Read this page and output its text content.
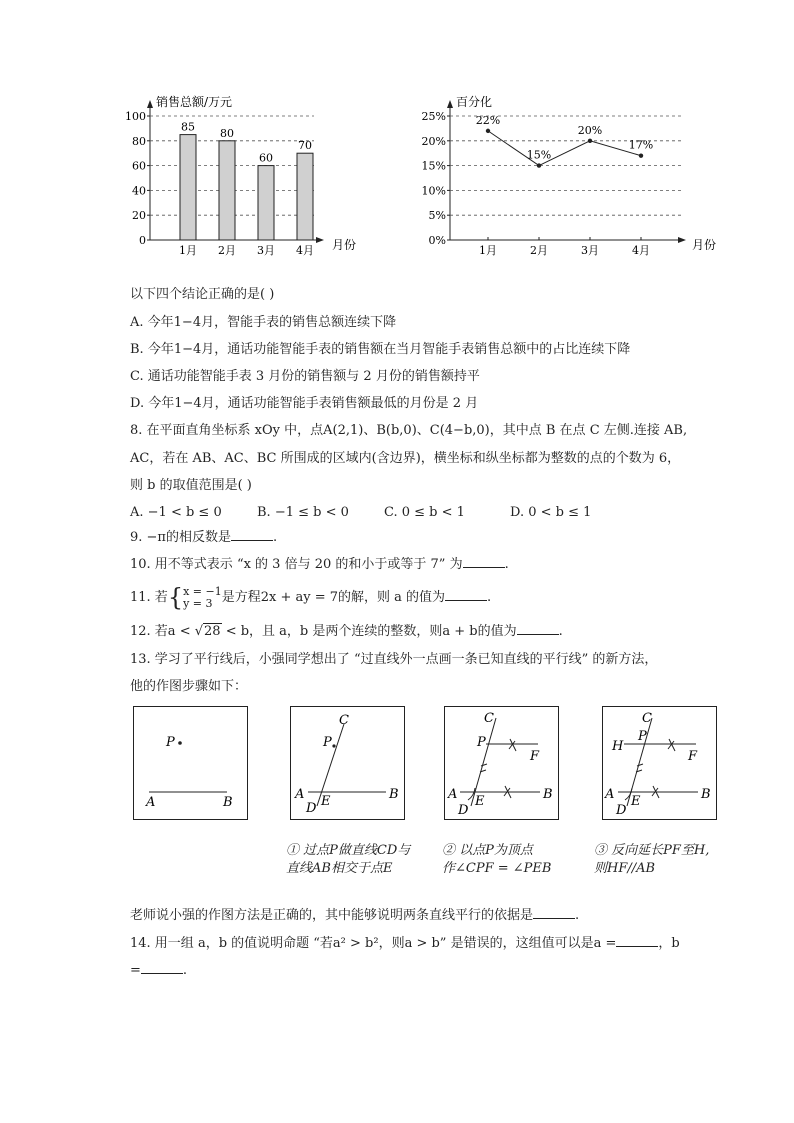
销售总额/万元
0
20
40
60
80
100
85 80
60
70
1月 2月 3月 4月 月份
百分化
0%
5%
10%
15%
20%
25%	22%
15%
20%
17%
1月	2月	3月	4月	月份
以下四个结论正确的是( )
A. 今年1−4月，智能手表的销售总额连续下降
B. 今年1−4月，通话功能智能手表的销售额在当月智能手表销售总额中的占比连续下降
C. 通话功能智能手表 3 月份的销售额与 2 月份的销售额持平
D. 今年1−4月，通话功能智能手表销售额最低的月份是 2 月
8. 在平面直角坐标系 xOy 中，点A(2,1)、B(b,0)、C(4−b,0)，其中点 B 在点 C 左侧.连接 AB,
AC，若在 AB、AC、BC 所围成的区域内(含边界)，横坐标和纵坐标都为整数的点的个数为 6，
则 b 的取值范围是( )
A. −1 < b ≤ 0	B. −1 ≤ b < 0	C. 0 ≤ b < 1	D. 0 < b ≤ 1
9. −π的相反数是	.
10. 用不等式表示 “x 的 3 倍与 20 的和小于或等于 7” 为	.
11. 若{x = −1
y = 3 是方程2x + ay = 7的解，则 a 的值为	.
12. 若a < √28 < b，且 a，b 是两个连续的整数，则a + b的值为	.
13. 学习了平行线后，小强同学想出了 “过直线外一点画一条已知直线的平行线” 的新方法，
他的作图步骤如下：
P
A	B
C
P
A	B
D E
C
P
F
A	B
D
E
C
P
H
F
A	B
D
E
① 过点P做直线CD与
直线AB相交于点E
② 以点P为顶点
作∠CPF = ∠PEB
③ 反向延长PF至H,
则HF//AB
老师说小强的作图方法是正确的，其中能够说明两条直线平行的依据是	.
14. 用一组 a，b 的值说明命题 “若a² > b²，则a > b” 是错误的，这组值可以是a =	，b
=	.
